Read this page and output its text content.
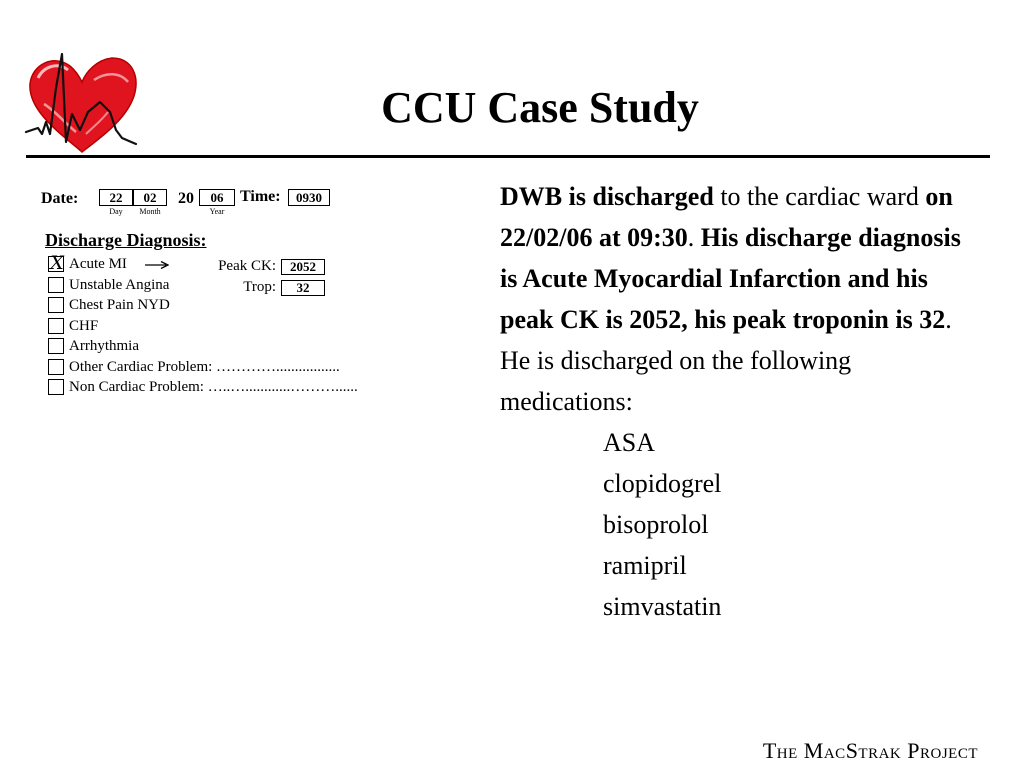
CCU Case Study
Date:	22	02
Day	Month
20	06
Year
Time:	0930
Discharge Diagnosis:
X Acute MI
Unstable Angina
Chest Pain NYD
CHF
Arrhythmia
Other Cardiac Problem: ………….................
Non Cardiac Problem: …..…............………......
Peak CK:	2052
Trop:	32
DWB is discharged to the cardiac ward on 22/02/06 at 09:30. His discharge diagnosis is Acute Myocardial Infarction and his peak CK is 2052, his peak troponin is 32. He is discharged on the following medications:
ASA
clopidogrel
bisoprolol
ramipril
simvastatin
The MacStrak Project
